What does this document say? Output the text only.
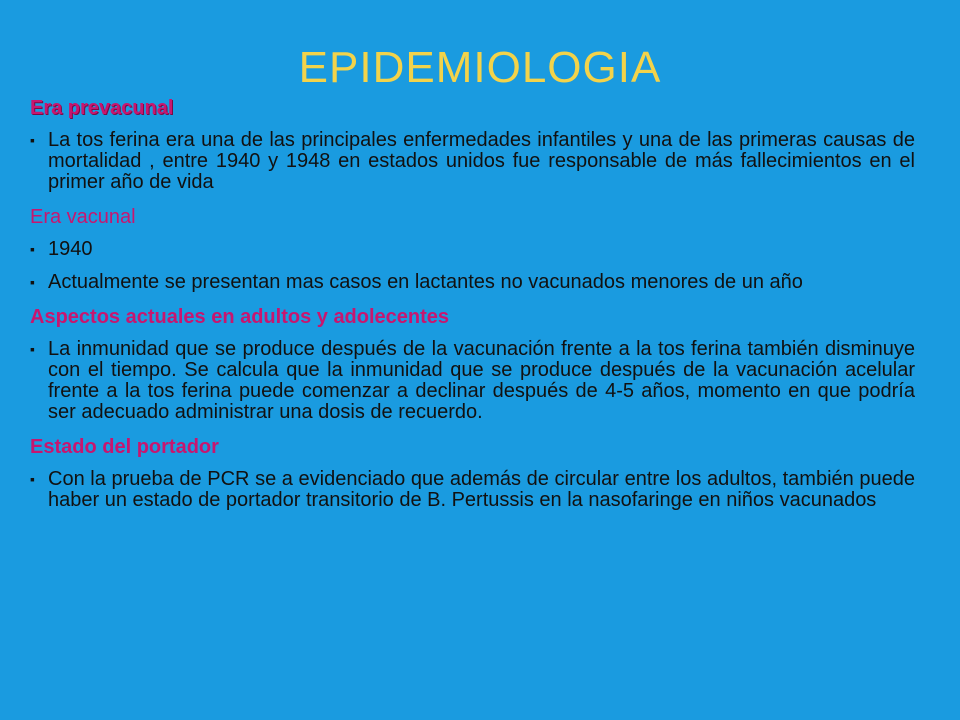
EPIDEMIOLOGIA
Era prevacunal
▪ La tos ferina era una de las principales enfermedades infantiles y una de las primeras causas de mortalidad , entre 1940 y 1948 en estados unidos fue responsable de más fallecimientos en el primer año de vida
Era vacunal
▪ 1940
▪ Actualmente se presentan mas casos en lactantes no vacunados menores de un año
Aspectos actuales en adultos y adolecentes
▪ La inmunidad que se produce después de la vacunación frente a la tos ferina también disminuye con el tiempo. Se calcula que la inmunidad que se produce después de la vacunación acelular frente a la tos ferina puede comenzar a declinar después de 4-5 años, momento en que podría ser adecuado administrar una dosis de recuerdo.
Estado del portador
▪ Con la prueba de PCR se a evidenciado que además de circular entre los adultos, también puede haber un estado de portador transitorio de B. Pertussis en la nasofaringe en niños vacunados
